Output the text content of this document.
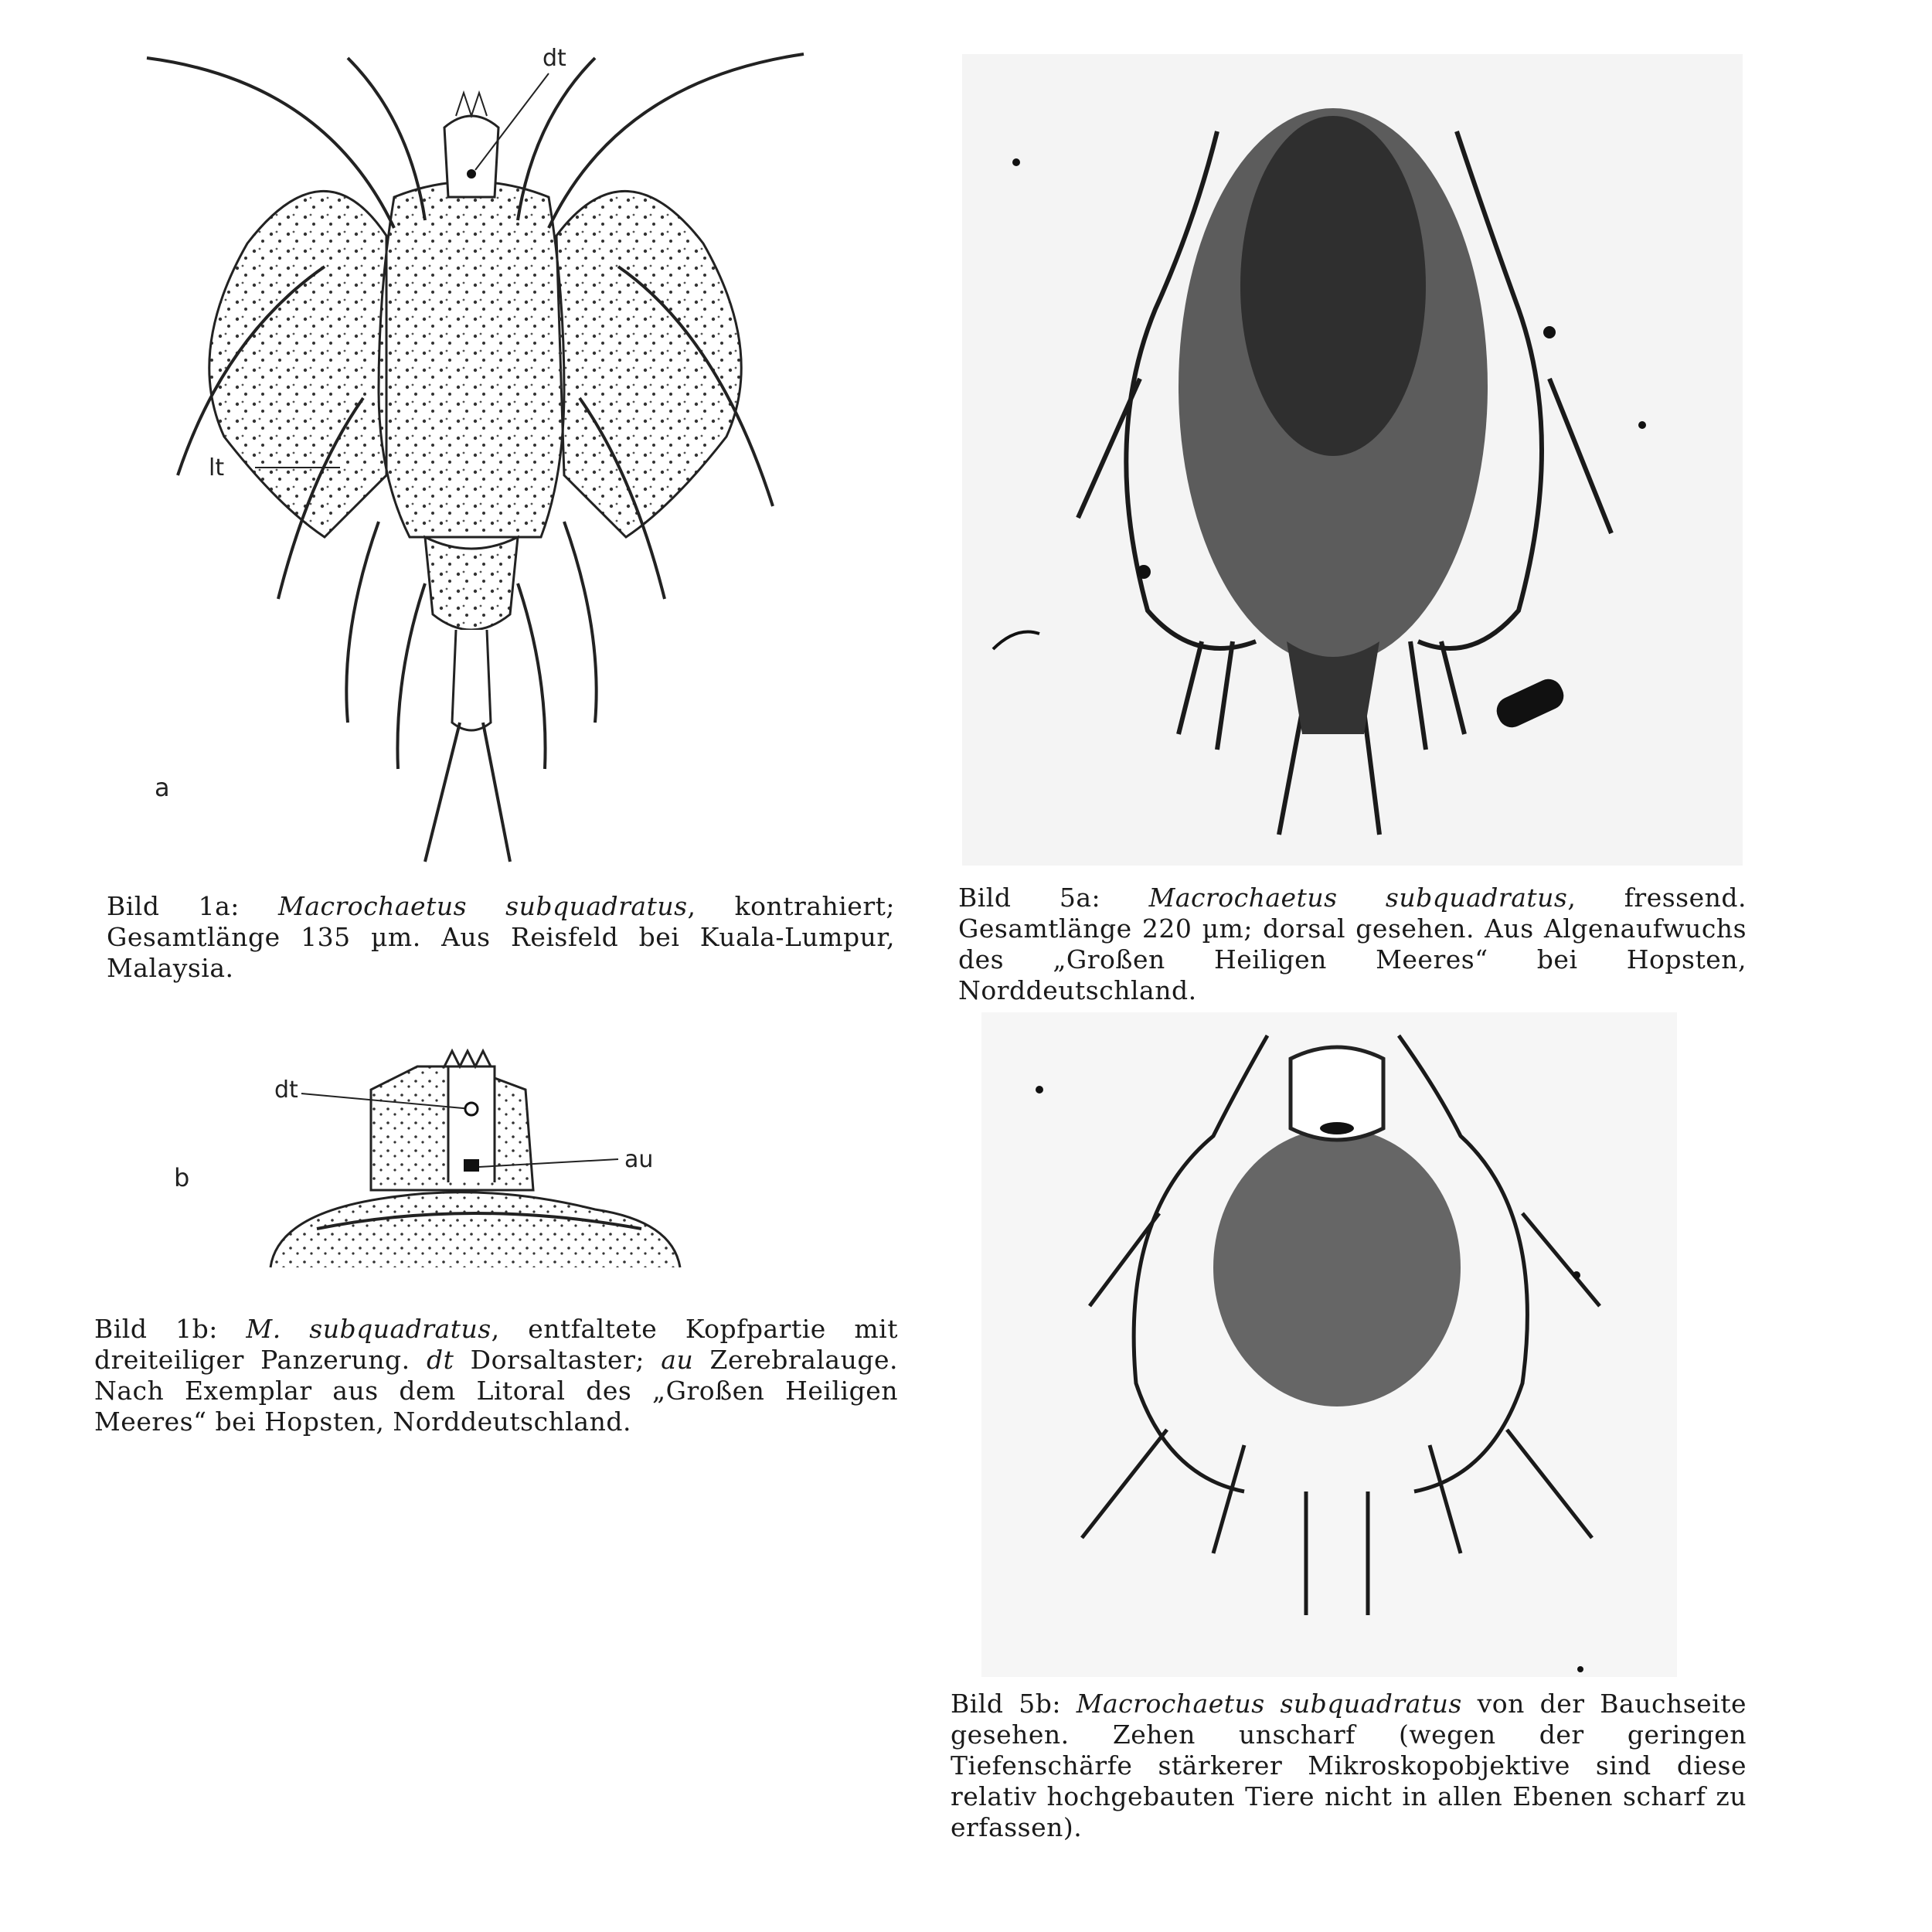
dt
lt
a
Bild 1a: Macrochaetus subquadratus, kontrahiert; Gesamtlänge 135 µm. Aus Reisfeld bei Kuala-Lumpur, Malaysia.
dt
au
b
Bild 1b: M. subquadratus, entfaltete Kopfpartie mit dreiteiliger Panzerung. dt Dorsaltaster; au Zerebralauge. Nach Exemplar aus dem Litoral des „Großen Heiligen Meeres“ bei Hopsten, Norddeutschland.
Bild 5a: Macrochaetus subquadratus, fressend. Gesamtlänge 220 µm; dorsal gesehen. Aus Algenaufwuchs des „Großen Heiligen Meeres“ bei Hopsten, Norddeutschland.
Bild 5b: Macrochaetus subquadratus von der Bauchseite gesehen. Zehen unscharf (wegen der geringen Tiefenschärfe stärkerer Mikroskopobjektive sind diese relativ hochgebauten Tiere nicht in allen Ebenen scharf zu erfassen).
